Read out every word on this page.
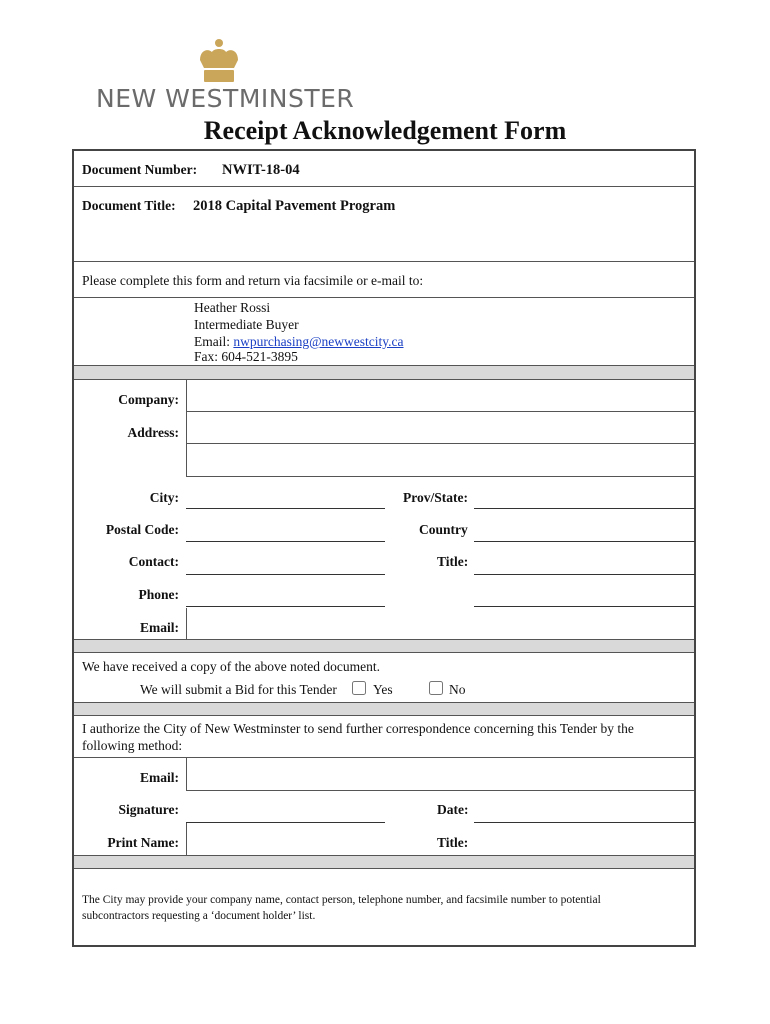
NEW WESTMINSTER
Receipt Acknowledgement Form
Document Number: NWIT-18-04
Document Title: 2018 Capital Pavement Program
Please complete this form and return via facsimile or e-mail to:
Heather Rossi
Intermediate Buyer
Email: nwpurchasing@newwestcity.ca
Fax: 604-521-3895
Company:
Address:
City:	Prov/State:
Postal Code:	Country
Contact:	Title:
Phone:
Email:
We have received a copy of the above noted document.
We will submit a Bid for this Tender	Yes	No
I authorize the City of New Westminster to send further correspondence concerning this Tender by the
following method:
Email:
Signature:	Date:
Print Name:	Title:
The City may provide your company name, contact person, telephone number, and facsimile number to potential
subcontractors requesting a ‘document holder’ list.
